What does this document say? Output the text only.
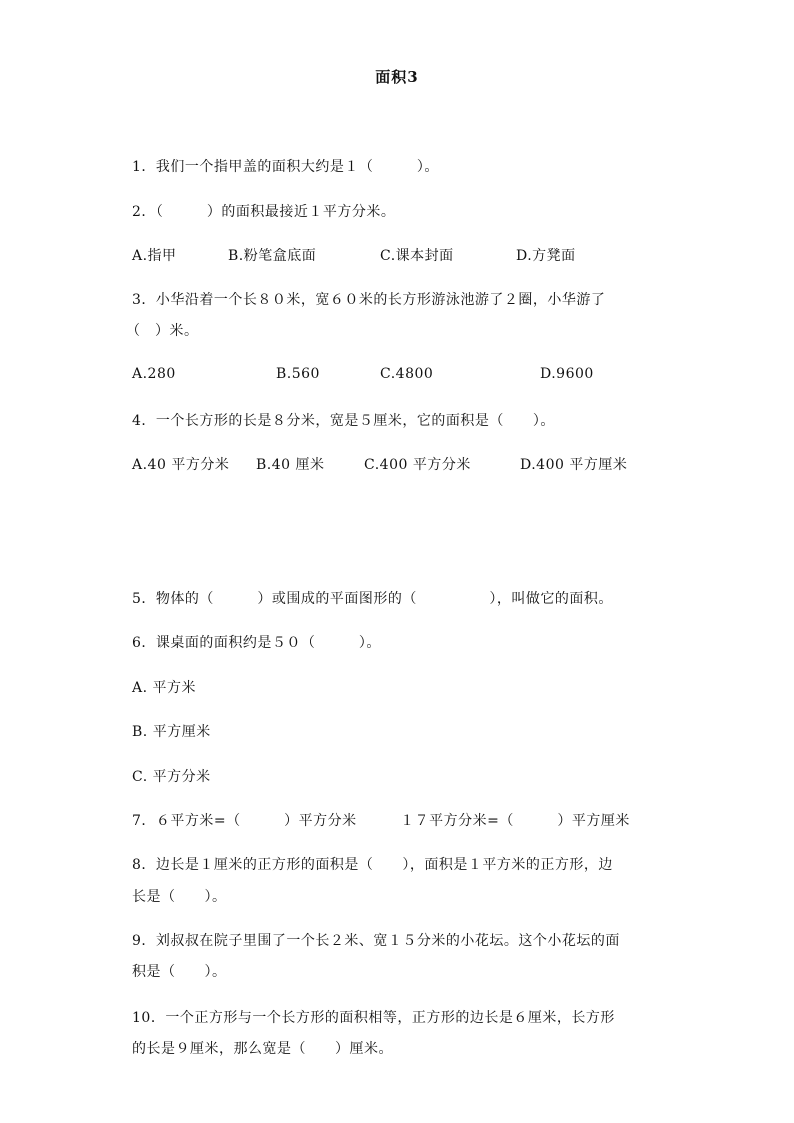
面积3
1．我们一个指甲盖的面积大约是１（　　　）。
2．（　　　）的面积最接近１平方分米。
A.指甲	B.粉笔盒底面	C.课本封面	D.方凳面
3．小华沿着一个长８０米，宽６０米的长方形游泳池游了２圈，小华游了
（　）米。
A.280	B.560	C.4800	D.9600
4．一个长方形的长是８分米，宽是５厘米，它的面积是（　　）。
A.40 平方分米 B.40 厘米	C.400 平方分米	D.400 平方厘米
5．物体的（　　　）或围成的平面图形的（　　　　　），叫做它的面积。
6．课桌面的面积约是５０（　　　）。
A. 平方米
B. 平方厘米
C. 平方分米
7．６平方米=（　　　）平方分米　　　１７平方分米=（　　　）平方厘米
8．边长是１厘米的正方形的面积是（　　），面积是１平方米的正方形，边
长是（　　）。
9．刘叔叔在院子里围了一个长２米、宽１５分米的小花坛。这个小花坛的面
积是（　　）。
10．一个正方形与一个长方形的面积相等，正方形的边长是６厘米，长方形
的长是９厘米，那么宽是（　　）厘米。
